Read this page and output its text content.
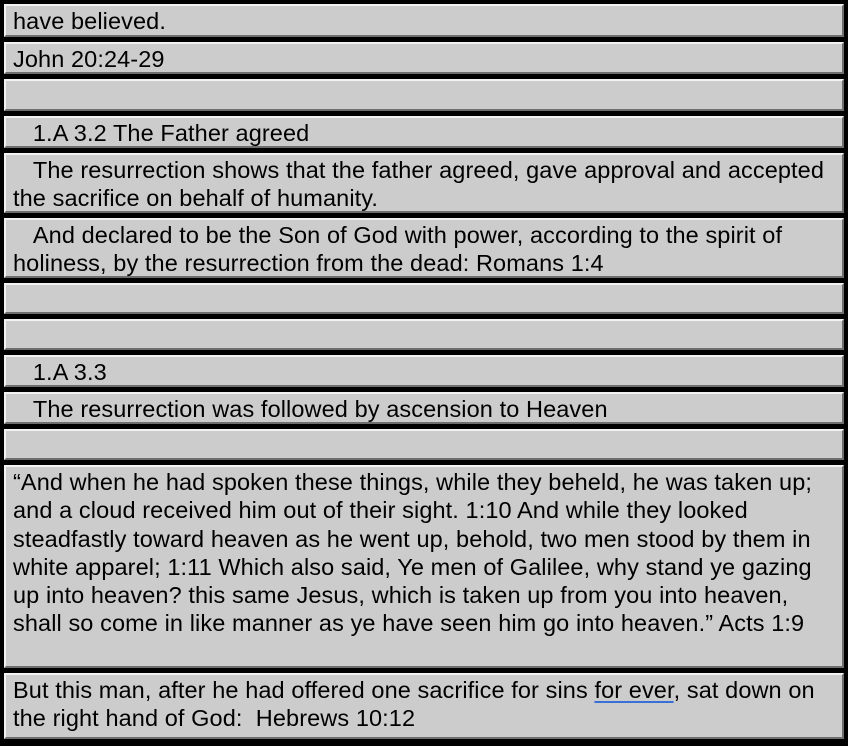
have believed.
John 20:24-29
1.A 3.2 The Father agreed
The resurrection shows that the father agreed, gave approval and accepted the sacrifice on behalf of humanity.
And declared to be the Son of God with power, according to the spirit of holiness, by the resurrection from the dead: Romans 1:4
1.A 3.3
The resurrection was followed by ascension to Heaven
“And when he had spoken these things, while they beheld, he was taken up; and a cloud received him out of their sight. 1:10 And while they looked steadfastly toward heaven as he went up, behold, two men stood by them in white apparel; 1:11 Which also said, Ye men of Galilee, why stand ye gazing up into heaven? this same Jesus, which is taken up from you into heaven, shall so come in like manner as ye have seen him go into heaven.” Acts 1:9
But this man, after he had offered one sacrifice for sins for ever, sat down on the right hand of God:  Hebrews 10:12
